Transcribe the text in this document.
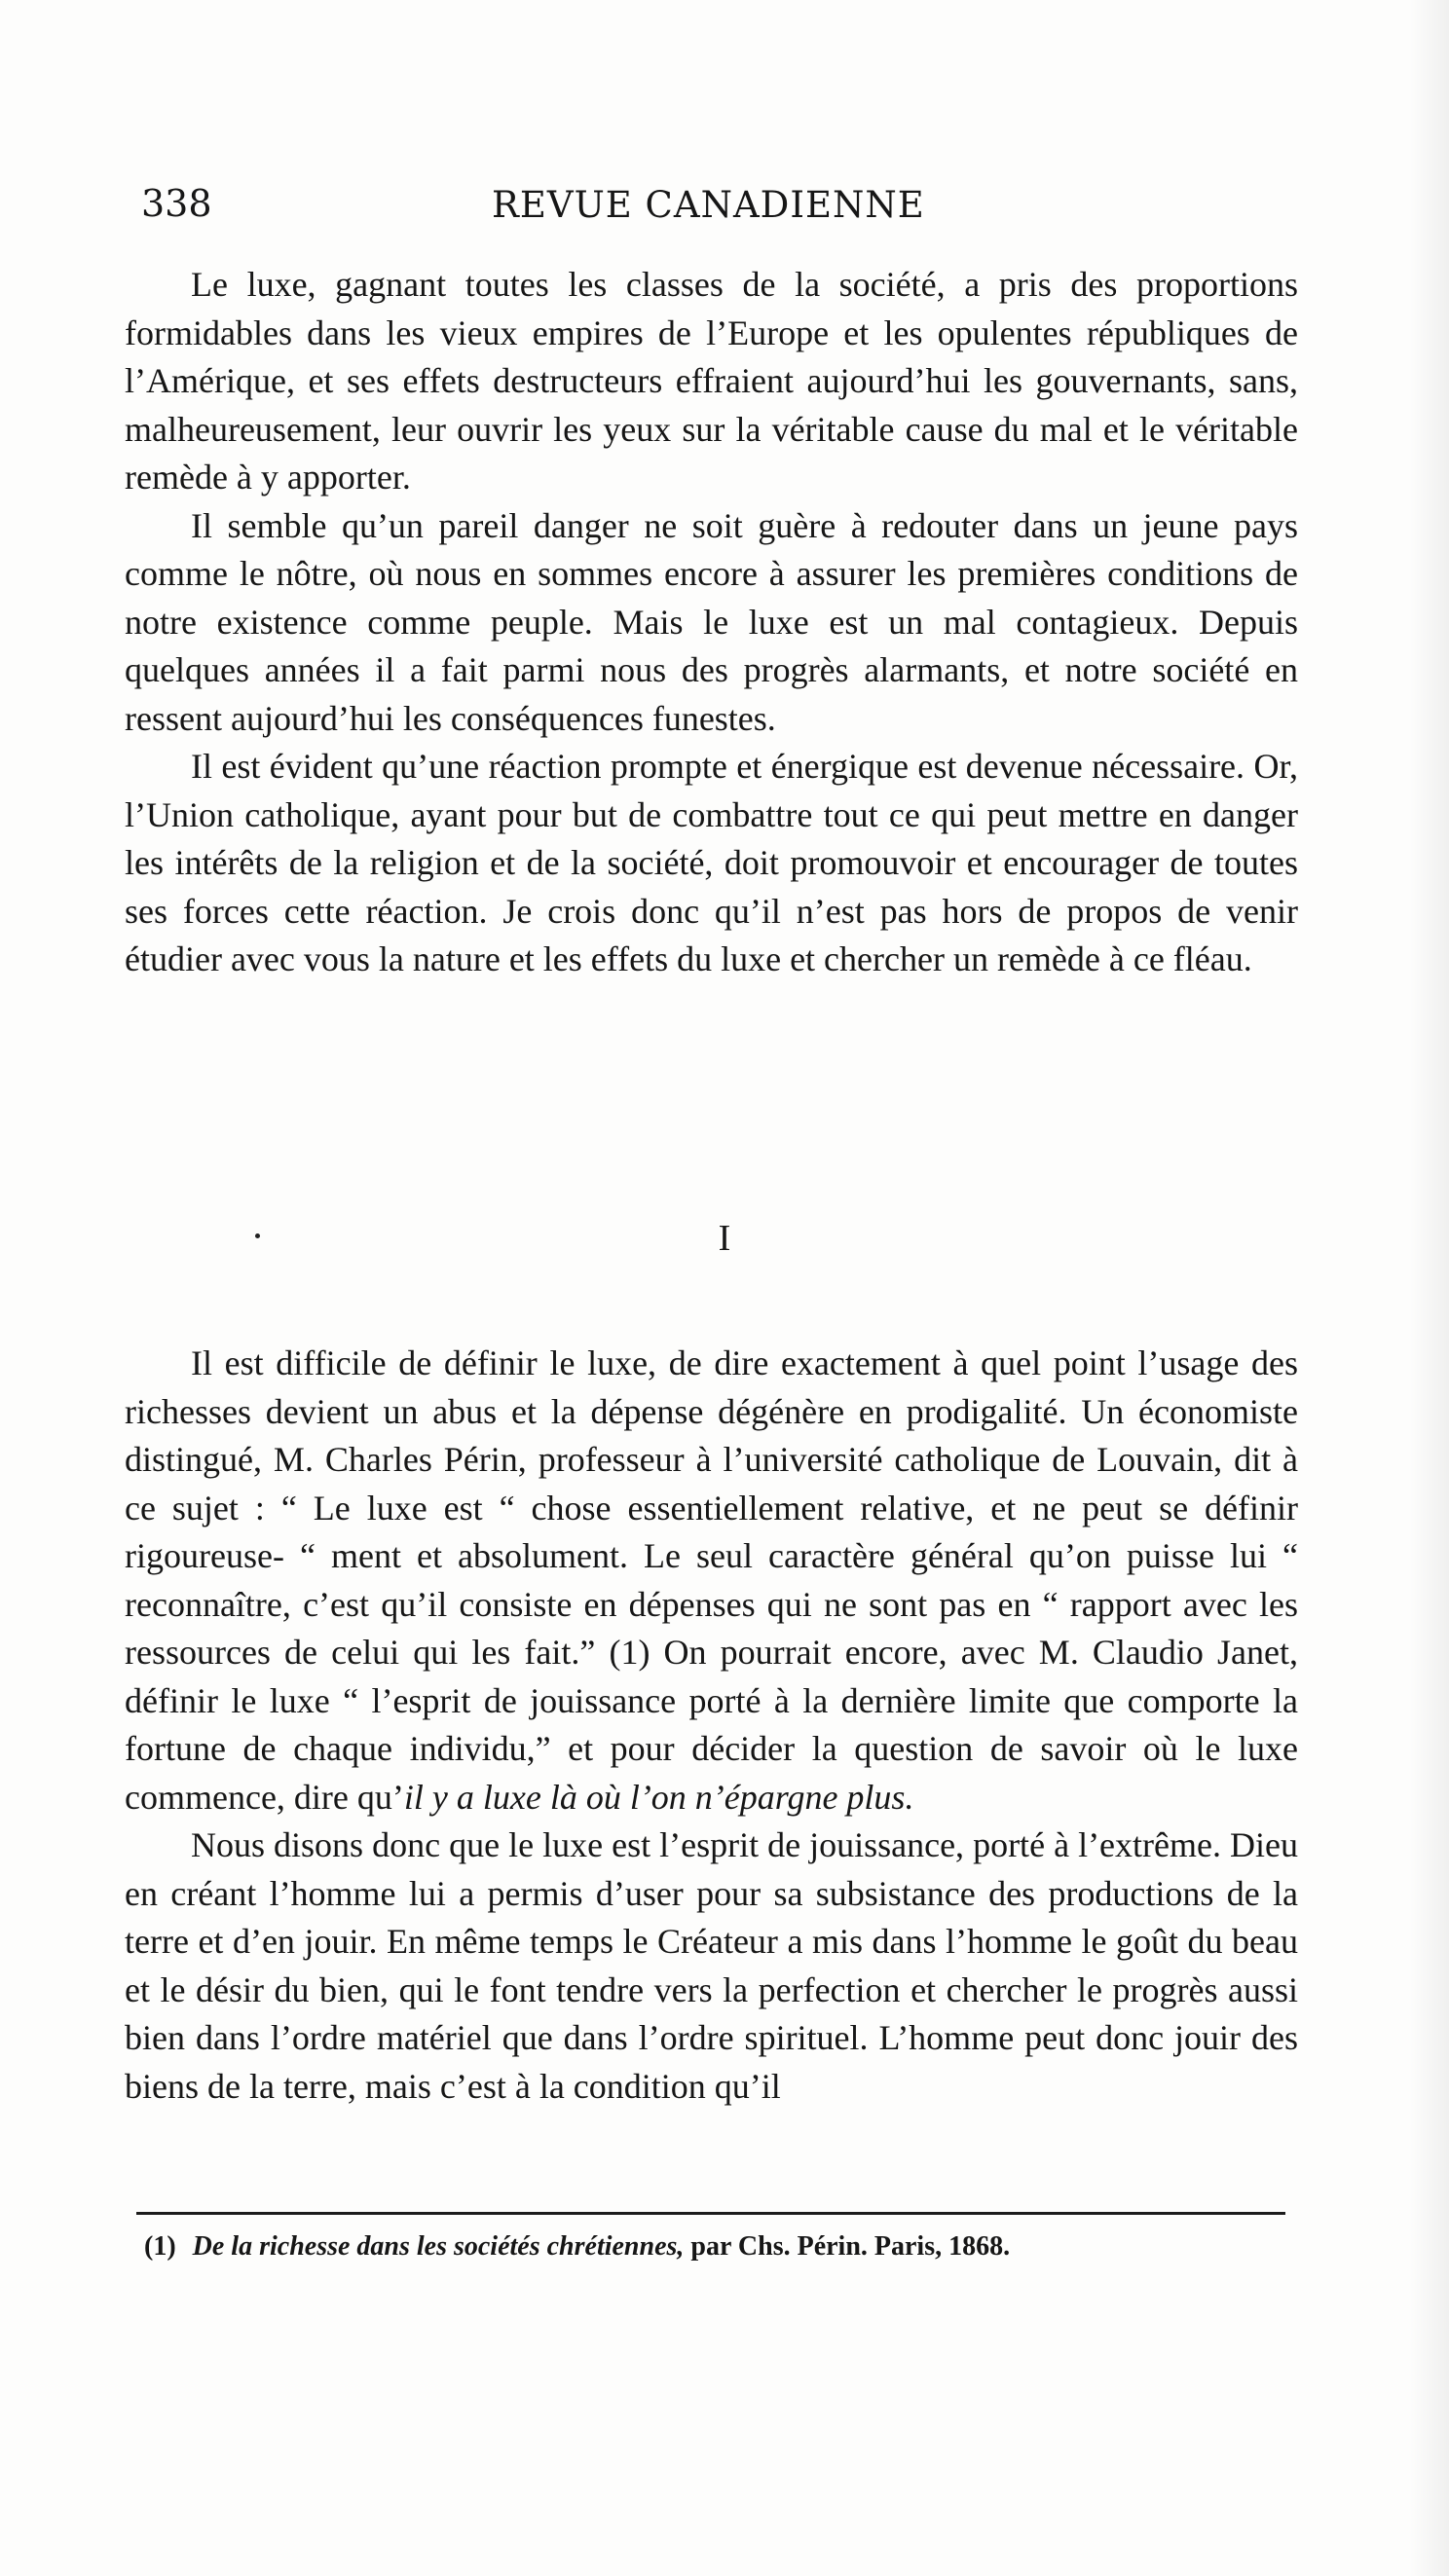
338	REVUE CANADIENNE

Le luxe, gagnant toutes les classes de la société, a pris des proportions formidables dans les vieux empires de l’Europe et les opulentes républiques de l’Amérique, et ses effets destructeurs effraient aujourd’hui les gouvernants, sans, malheureusement, leur ouvrir les yeux sur la véritable cause du mal et le véritable remède à y apporter.

Il semble qu’un pareil danger ne soit guère à redouter dans un jeune pays comme le nôtre, où nous en sommes encore à assurer les premières conditions de notre existence comme peuple. Mais le luxe est un mal contagieux. Depuis quelques années il a fait parmi nous des progrès alarmants, et notre société en ressent aujourd’hui les conséquences funestes.

Il est évident qu’une réaction prompte et énergique est devenue nécessaire. Or, l’Union catholique, ayant pour but de combattre tout ce qui peut mettre en danger les intérêts de la religion et de la société, doit promouvoir et encourager de toutes ses forces cette réaction. Je crois donc qu’il n’est pas hors de propos de venir étudier avec vous la nature et les effets du luxe et chercher un remède à ce fléau.

I

Il est difficile de définir le luxe, de dire exactement à quel point l’usage des richesses devient un abus et la dépense dégénère en prodigalité. Un économiste distingué, M. Charles Périn, professeur à l’université catholique de Louvain, dit à ce sujet : “ Le luxe est “ chose essentiellement relative, et ne peut se définir rigoureuse- “ ment et absolument. Le seul caractère général qu’on puisse lui “ reconnaître, c’est qu’il consiste en dépenses qui ne sont pas en “ rapport avec les ressources de celui qui les fait.” (1) On pourrait encore, avec M. Claudio Janet, définir le luxe “ l’esprit de jouissance porté à la dernière limite que comporte la fortune de chaque individu,” et pour décider la question de savoir où le luxe commence, dire qu’il y a luxe là où l’on n’épargne plus.

Nous disons donc que le luxe est l’esprit de jouissance, porté à l’extrême. Dieu en créant l’homme lui a permis d’user pour sa subsistance des productions de la terre et d’en jouir. En même temps le Créateur a mis dans l’homme le goût du beau et le désir du bien, qui le font tendre vers la perfection et chercher le progrès aussi bien dans l’ordre matériel que dans l’ordre spirituel. L’homme peut donc jouir des biens de la terre, mais c’est à la condition qu’il

(1) De la richesse dans les sociétés chrétiennes, par Chs. Périn. Paris, 1868.
